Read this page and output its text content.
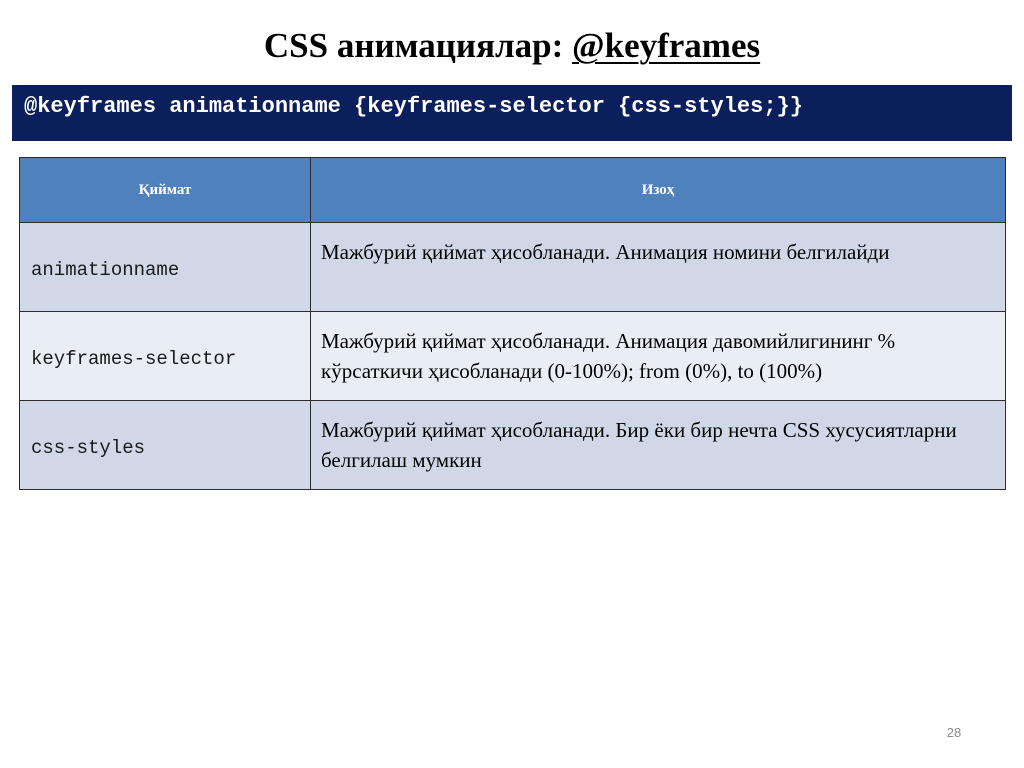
CSS анимациялар: @keyframes
@keyframes animationname {keyframes-selector {css-styles;}}
Қиймат	Изоҳ
animationname	Мажбурий қиймат ҳисобланади. Анимация номини белгилайди
keyframes-selector	Мажбурий қиймат ҳисобланади. Анимация давомийлигининг % кўрсаткичи ҳисобланади (0-100%); from (0%), to (100%)
css-styles	Мажбурий қиймат ҳисобланади. Бир ёки бир нечта CSS хусусиятларни белгилаш мумкин
28
